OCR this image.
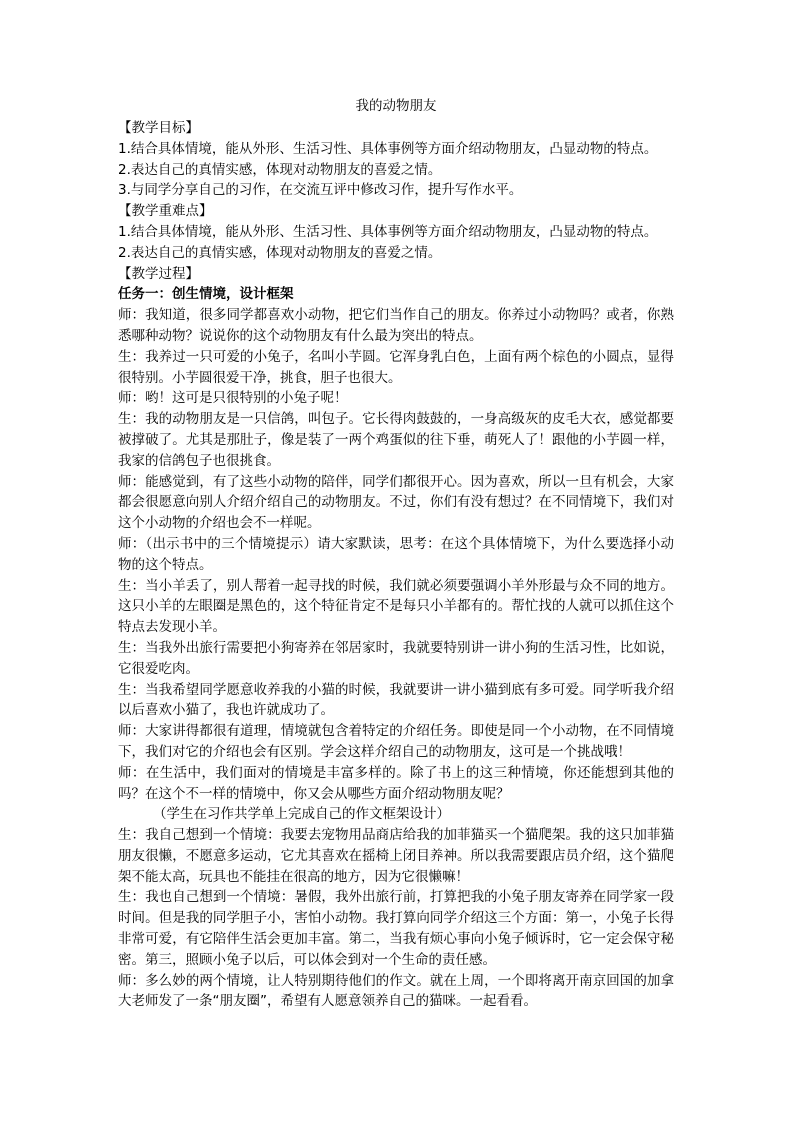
我的动物朋友
【教学目标】
1.结合具体情境，能从外形、生活习性、具体事例等方面介绍动物朋友，凸显动物的特点。
2.表达自己的真情实感，体现对动物朋友的喜爱之情。
3.与同学分享自己的习作，在交流互评中修改习作，提升写作水平。
【教学重难点】
1.结合具体情境，能从外形、生活习性、具体事例等方面介绍动物朋友，凸显动物的特点。
2.表达自己的真情实感，体现对动物朋友的喜爱之情。
【教学过程】
任务一：创生情境，设计框架
师：我知道，很多同学都喜欢小动物，把它们当作自己的朋友。你养过小动物吗？或者，你熟悉哪种动物？说说你的这个动物朋友有什么最为突出的特点。
生：我养过一只可爱的小兔子，名叫小芋圆。它浑身乳白色，上面有两个棕色的小圆点，显得很特别。小芋圆很爱干净，挑食，胆子也很大。
师：哟！这可是只很特别的小兔子呢！
生：我的动物朋友是一只信鸽，叫包子。它长得肉鼓鼓的，一身高级灰的皮毛大衣，感觉都要被撑破了。尤其是那肚子，像是装了一两个鸡蛋似的往下垂，萌死人了！跟他的小芋圆一样，我家的信鸽包子也很挑食。
师：能感觉到，有了这些小动物的陪伴，同学们都很开心。因为喜欢，所以一旦有机会，大家都会很愿意向别人介绍介绍自己的动物朋友。不过，你们有没有想过？在不同情境下，我们对这个小动物的介绍也会不一样呢。
师：（出示书中的三个情境提示）请大家默读，思考：在这个具体情境下，为什么要选择小动物的这个特点。
生：当小羊丢了，别人帮着一起寻找的时候，我们就必须要强调小羊外形最与众不同的地方。这只小羊的左眼圈是黑色的，这个特征肯定不是每只小羊都有的。帮忙找的人就可以抓住这个特点去发现小羊。
生：当我外出旅行需要把小狗寄养在邻居家时，我就要特别讲一讲小狗的生活习性，比如说，它很爱吃肉。
生：当我希望同学愿意收养我的小猫的时候，我就要讲一讲小猫到底有多可爱。同学听我介绍以后喜欢小猫了，我也许就成功了。
师：大家讲得都很有道理，情境就包含着特定的介绍任务。即使是同一个小动物，在不同情境下，我们对它的介绍也会有区别。学会这样介绍自己的动物朋友，这可是一个挑战哦！
师：在生活中，我们面对的情境是丰富多样的。除了书上的这三种情境，你还能想到其他的吗？在这个不一样的情境中，你又会从哪些方面介绍动物朋友呢？
（学生在习作共学单上完成自己的作文框架设计）
生：我自己想到一个情境：我要去宠物用品商店给我的加菲猫买一个猫爬架。我的这只加菲猫朋友很懒，不愿意多运动，它尤其喜欢在摇椅上闭目养神。所以我需要跟店员介绍，这个猫爬架不能太高，玩具也不能挂在很高的地方，因为它很懒嘛！
生：我也自己想到一个情境：暑假，我外出旅行前，打算把我的小兔子朋友寄养在同学家一段时间。但是我的同学胆子小，害怕小动物。我打算向同学介绍这三个方面：第一，小兔子长得非常可爱，有它陪伴生活会更加丰富。第二，当我有烦心事向小兔子倾诉时，它一定会保守秘密。第三，照顾小兔子以后，可以体会到对一个生命的责任感。
师：多么妙的两个情境，让人特别期待他们的作文。就在上周，一个即将离开南京回国的加拿大老师发了一条“朋友圈”，希望有人愿意领养自己的猫咪。一起看看。
